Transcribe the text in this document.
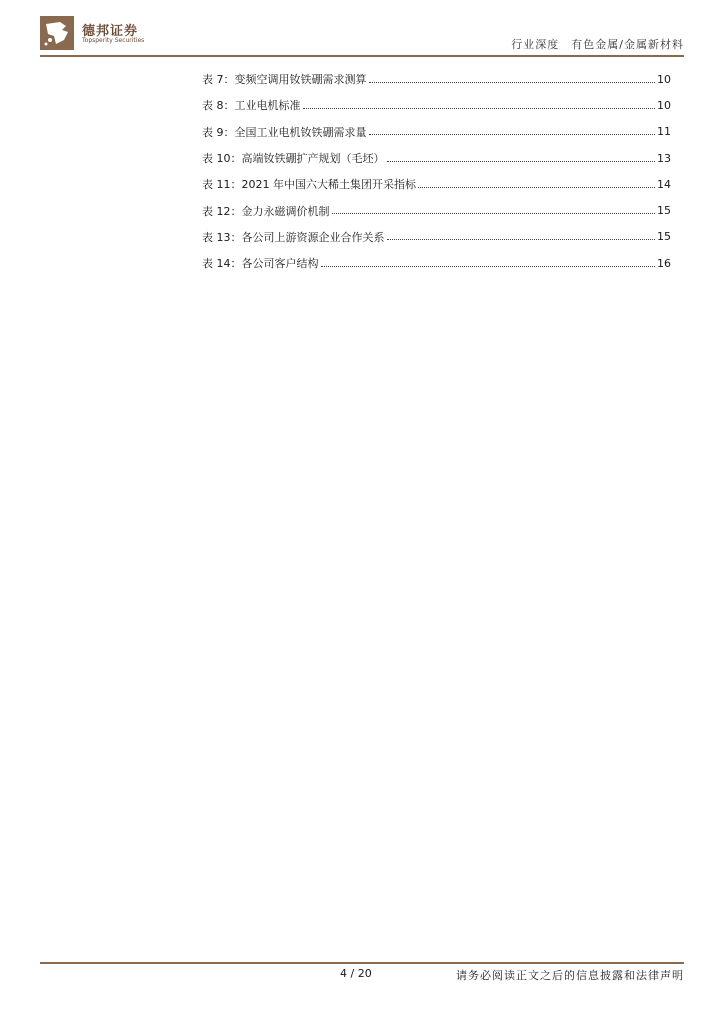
德邦证券
Topsperity Securities	行业深度 有色金属/金属新材料
表 7：变频空调用钕铁硼需求测算	10
表 8：工业电机标准	10
表 9：全国工业电机钕铁硼需求量	11
表 10：高端钕铁硼扩产规划（毛坯）	13
表 11：2021 年中国六大稀土集团开采指标	14
表 12：金力永磁调价机制	15
表 13：各公司上游资源企业合作关系	15
表 14：各公司客户结构	16
4 / 20	请务必阅读正文之后的信息披露和法律声明
